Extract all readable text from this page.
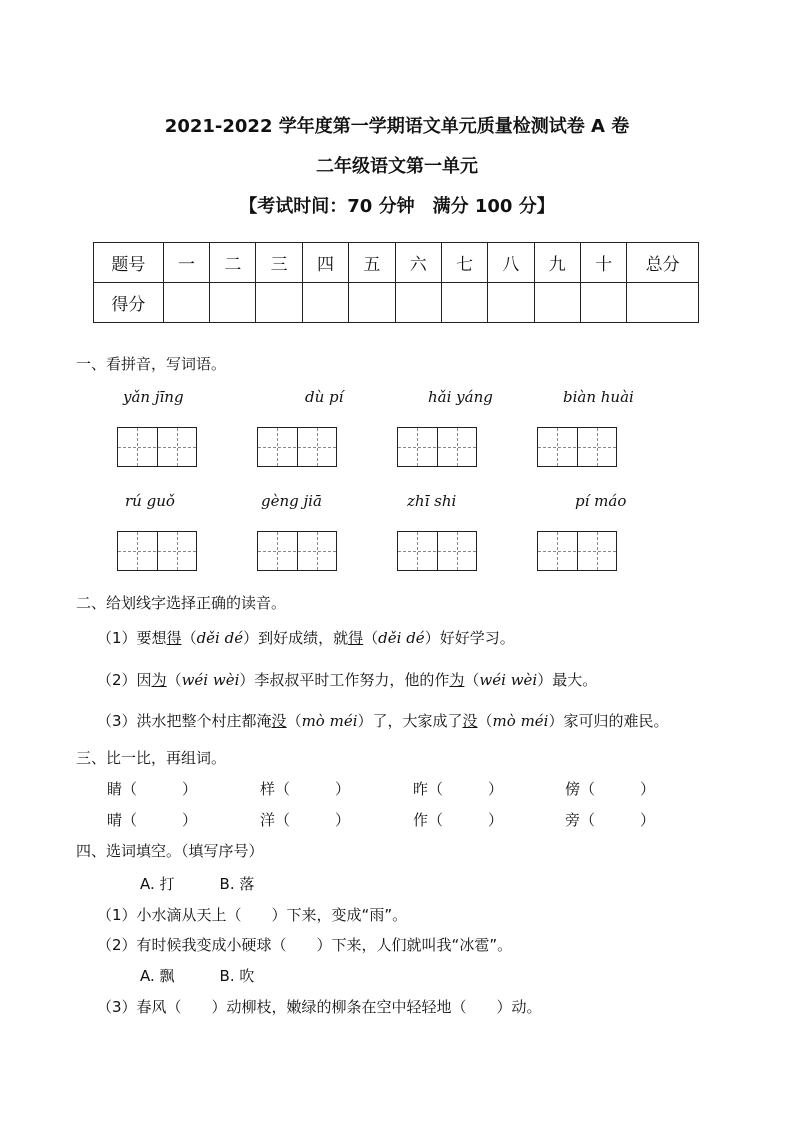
2021-2022 学年度第一学期语文单元质量检测试卷 A 卷
二年级语文第一单元
【考试时间：70 分钟　满分 100 分】
题号	一	二	三	四	五	六	七	八	九	十	总分
得分											
一、看拼音，写词语。
yǎn jīng	dù pí	hǎi yáng	biàn huài
rú guǒ	gèng jiā	zhī shi	pí máo
二、给划线字选择正确的读音。
（1）要想得（děi dé）到好成绩，就得（děi dé）好好学习。
（2）因为（wéi wèi）李叔叔平时工作努力，他的作为（wéi wèi）最大。
（3）洪水把整个村庄都淹没（mò méi）了，大家成了没（mò méi）家可归的难民。
三、比一比，再组词。
睛（　　　）	样（　　　）	昨（　　　）	傍（　　　）
晴（　　　）	洋（　　　）	作（　　　）	旁（　　　）
四、选词填空。（填写序号）
A. 打　　　B. 落
（1）小水滴从天上（　　）下来，变成“雨”。
（2）有时候我变成小硬球（　　）下来，人们就叫我“冰雹”。
A. 飘　　　B. 吹
（3）春风（　　）动柳枝，嫩绿的柳条在空中轻轻地（　　）动。
